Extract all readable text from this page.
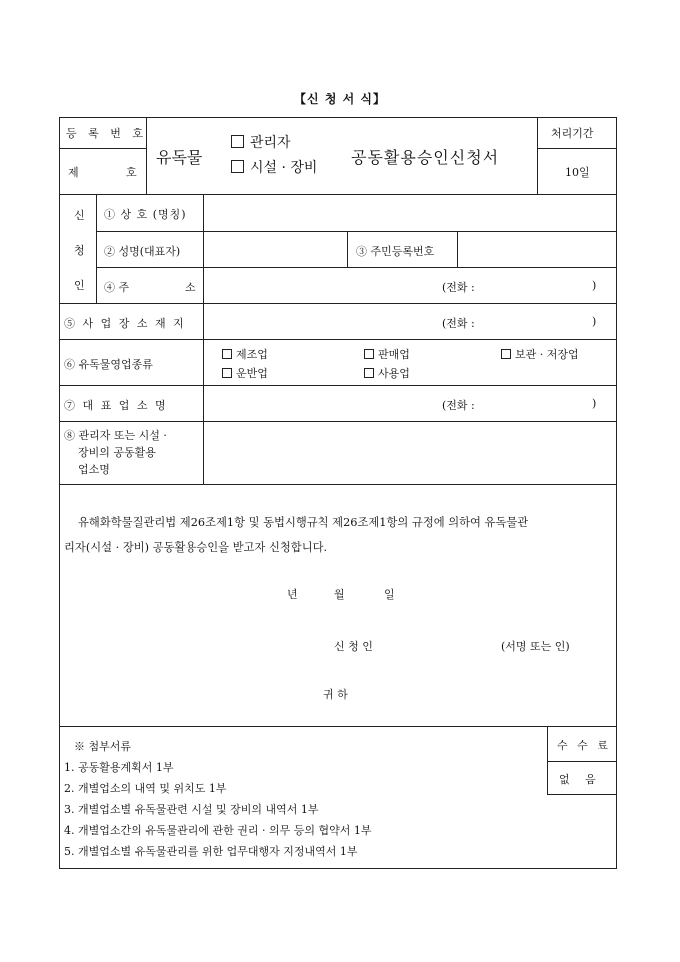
【신 청 서 식】
등 록 번 호
제	호
유독물
관리자
시설 · 장비
공동활용승인신청서
처리기간
10일
신
청
인
① 상 호 (명칭)
② 성명(대표자)	③ 주민등록번호
④ 주	소	(전화 :	)
⑤ 사 업 장 소 재 지	(전화 :	)
⑥ 유독물영업종류
제조업	판매업	보관 · 저장업
운반업	사용업
⑦ 대 표 업 소 명	(전화 :	)
⑧ 관리자 또는 시설 ·
장비의 공동활용
업소명
유해화학물질관리법 제26조제1항 및 동법시행규칙 제26조제1항의 규정에 의하여 유독물관
리자(시설 · 장비) 공동활용승인을 받고자 신청합니다.
년	월	일
신 청 인	(서명 또는 인)
귀 하
※ 첨부서류
1. 공동활용계획서 1부
2. 개별업소의 내역 및 위치도 1부
3. 개별업소별 유독물관련 시설 및 장비의 내역서 1부
4. 개별업소간의 유독물관리에 관한 권리 · 의무 등의 협약서 1부
5. 개별업소별 유독물관리를 위한 업무대행자 지정내역서 1부
수 수 료
없 음
